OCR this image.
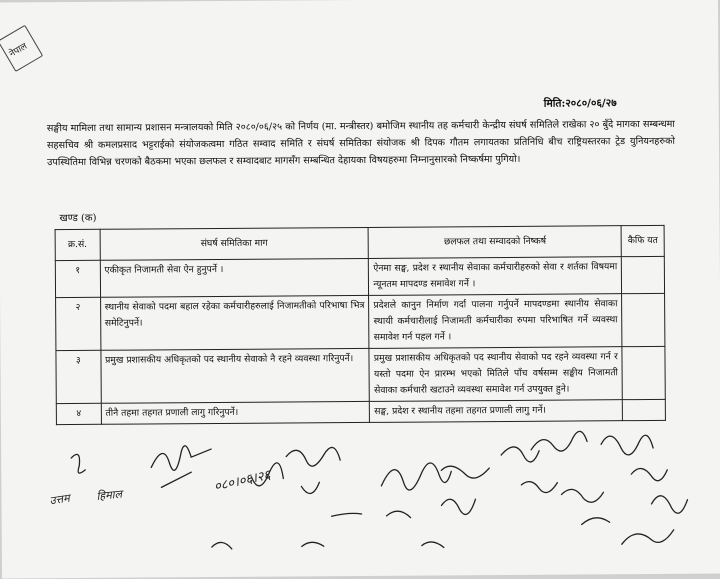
नेपाल
मिति:२०८०/०६/२७
सङ्घीय मामिला तथा सामान्य प्रशासन मन्त्रालयको मिति २०८०/०६/२५ को निर्णय (मा. मन्त्रीस्तर) बमोजिम स्थानीय तह कर्मचारी केन्द्रीय संघर्ष समितिले राखेका २० बुँदे मागका सम्बन्धमा सहसचिव श्री कमलप्रसाद भट्टराईको संयोजकत्वमा गठित सम्वाद समिति र संघर्ष समितिका संयोजक श्री दिपक गौतम लगायतका प्रतिनिधि बीच राष्ट्रियस्तरका ट्रेड युनियनहरुको उपस्थितिमा विभिन्न चरणको बैठकमा भएका छलफल र सम्वादबाट मागसँग सम्बन्धित देहायका विषयहरुमा निम्नानुसारको निष्कर्षमा पुगियो।
खण्ड (क)
क्र.सं.	संघर्ष समितिका माग	छलफल तथा सम्वादको निष्कर्ष	कैफि यत
१	एकीकृत निजामती सेवा ऐन हुनुपर्ने ।	ऐनमा सङ्घ, प्रदेश र स्थानीय सेवाका कर्मचारीहरुको सेवा र शर्तका विषयमा न्यूनतम मापदण्ड समावेश गर्ने ।	
२	स्थानीय सेवाको पदमा बहाल रहेका कर्मचारीहरुलाई निजामतीको परिभाषा भित्र समेटिनुपर्ने।	प्रदेशले कानुन निर्माण गर्दा पालना गर्नुपर्ने मापदण्डमा स्थानीय सेवाका स्थायी कर्मचारीलाई निजामती कर्मचारीका रुपमा परिभाषित गर्ने व्यवस्था समावेश गर्न पहल गर्ने ।	
३	प्रमुख प्रशासकीय अधिकृतको पद स्थानीय सेवाको नै रहने व्यवस्था गरिनुपर्ने।	प्रमुख प्रशासकीय अधिकृतको पद स्थानीय सेवाको पद रहने व्यवस्था गर्न र यस्तो पदमा ऐन प्रारम्भ भएको मितिले पाँच वर्षसम्म सङ्घीय निजामती सेवाका कर्मचारी खटाउने व्यवस्था समावेश गर्न उपयुक्त हुने।	
४	तीनै तहमा तहगत प्रणाली लागु गरिनुपर्ने।	सङ्घ, प्रदेश र स्थानीय तहमा तहगत प्रणाली लागु गर्ने।	
०८०।०६।२६
उत्तम हिमाल
